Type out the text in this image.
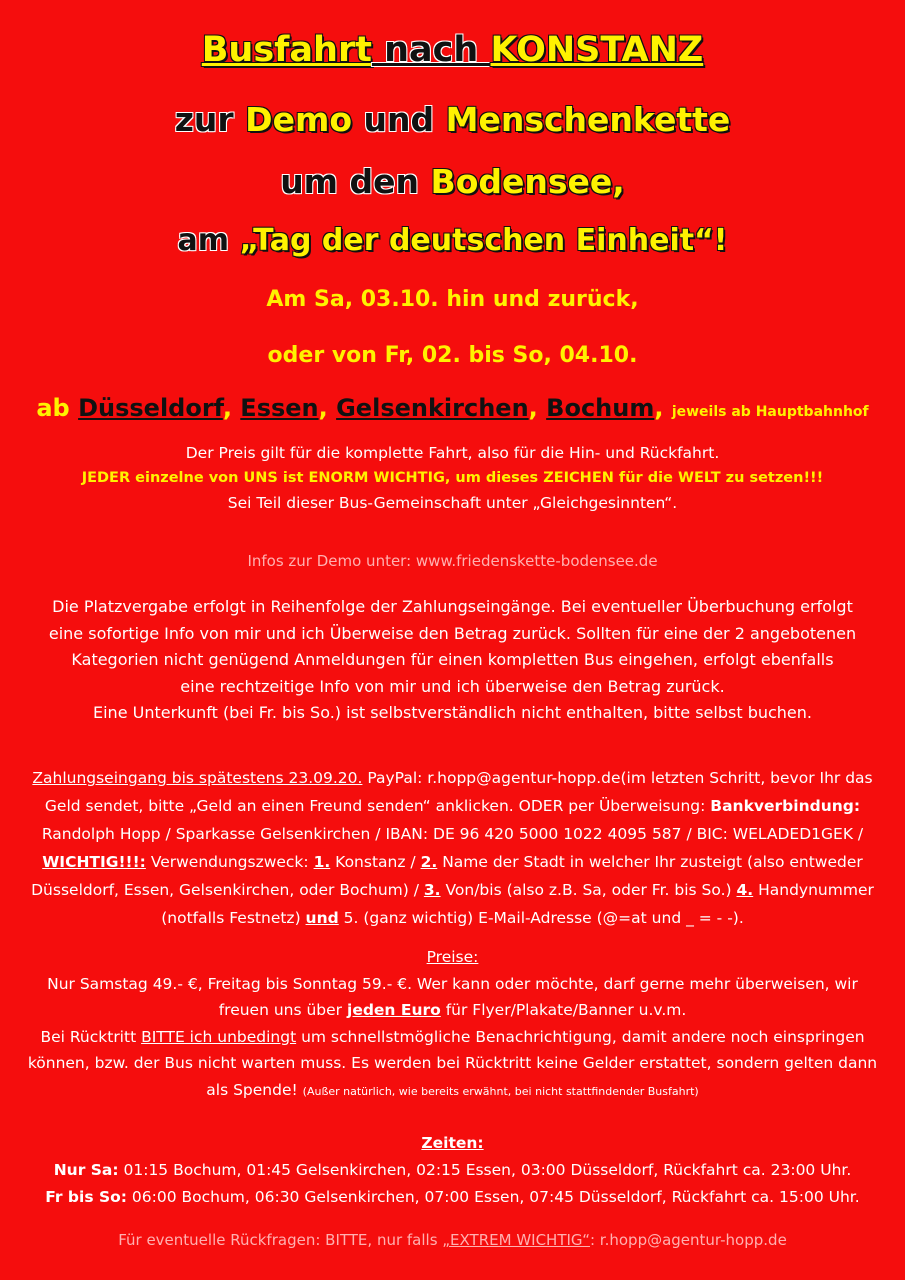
Busfahrt nach KONSTANZ
zur Demo und Menschenkette
um den Bodensee,
am „Tag der deutschen Einheit“!
Am Sa, 03.10. hin und zurück,
oder von Fr, 02. bis So, 04.10.
ab Düsseldorf, Essen, Gelsenkirchen, Bochum, jeweils ab Hauptbahnhof
Der Preis gilt für die komplette Fahrt, also für die Hin- und Rückfahrt.
JEDER einzelne von UNS ist ENORM WICHTIG, um dieses ZEICHEN für die WELT zu setzen!!!
Sei Teil dieser Bus-Gemeinschaft unter „Gleichgesinnten“.
Infos zur Demo unter: www.friedenskette-bodensee.de
Die Platzvergabe erfolgt in Reihenfolge der Zahlungseingänge. Bei eventueller Überbuchung erfolgt
eine sofortige Info von mir und ich Überweise den Betrag zurück. Sollten für eine der 2 angebotenen
Kategorien nicht genügend Anmeldungen für einen kompletten Bus eingehen, erfolgt ebenfalls
eine rechtzeitige Info von mir und ich überweise den Betrag zurück.
Eine Unterkunft (bei Fr. bis So.) ist selbstverständlich nicht enthalten, bitte selbst buchen.
Zahlungseingang bis spätestens 23.09.20. PayPal: r.hopp@agentur-hopp.de(im letzten Schritt, bevor Ihr das
Geld sendet, bitte „Geld an einen Freund senden“ anklicken. ODER per Überweisung: Bankverbindung:
Randolph Hopp / Sparkasse Gelsenkirchen / IBAN: DE 96 420 5000 1022 4095 587 / BIC: WELADED1GEK /
WICHTIG!!!: Verwendungszweck: 1. Konstanz / 2. Name der Stadt in welcher Ihr zusteigt (also entweder
Düsseldorf, Essen, Gelsenkirchen, oder Bochum) / 3. Von/bis (also z.B. Sa, oder Fr. bis So.) 4. Handynummer
(notfalls Festnetz) und 5. (ganz wichtig) E-Mail-Adresse (@=at und _ = - -).
Preise:
Nur Samstag 49.- €, Freitag bis Sonntag 59.- €. Wer kann oder möchte, darf gerne mehr überweisen, wir
freuen uns über jeden Euro für Flyer/Plakate/Banner u.v.m.
Bei Rücktritt BITTE ich unbedingt um schnellstmögliche Benachrichtigung, damit andere noch einspringen
können, bzw. der Bus nicht warten muss. Es werden bei Rücktritt keine Gelder erstattet, sondern gelten dann
als Spende! (Außer natürlich, wie bereits erwähnt, bei nicht stattfindender Busfahrt)
Zeiten:
Nur Sa: 01:15 Bochum, 01:45 Gelsenkirchen, 02:15 Essen, 03:00 Düsseldorf, Rückfahrt ca. 23:00 Uhr.
Fr bis So: 06:00 Bochum, 06:30 Gelsenkirchen, 07:00 Essen, 07:45 Düsseldorf, Rückfahrt ca. 15:00 Uhr.
Für eventuelle Rückfragen: BITTE, nur falls „EXTREM WICHTIG“: r.hopp@agentur-hopp.de
